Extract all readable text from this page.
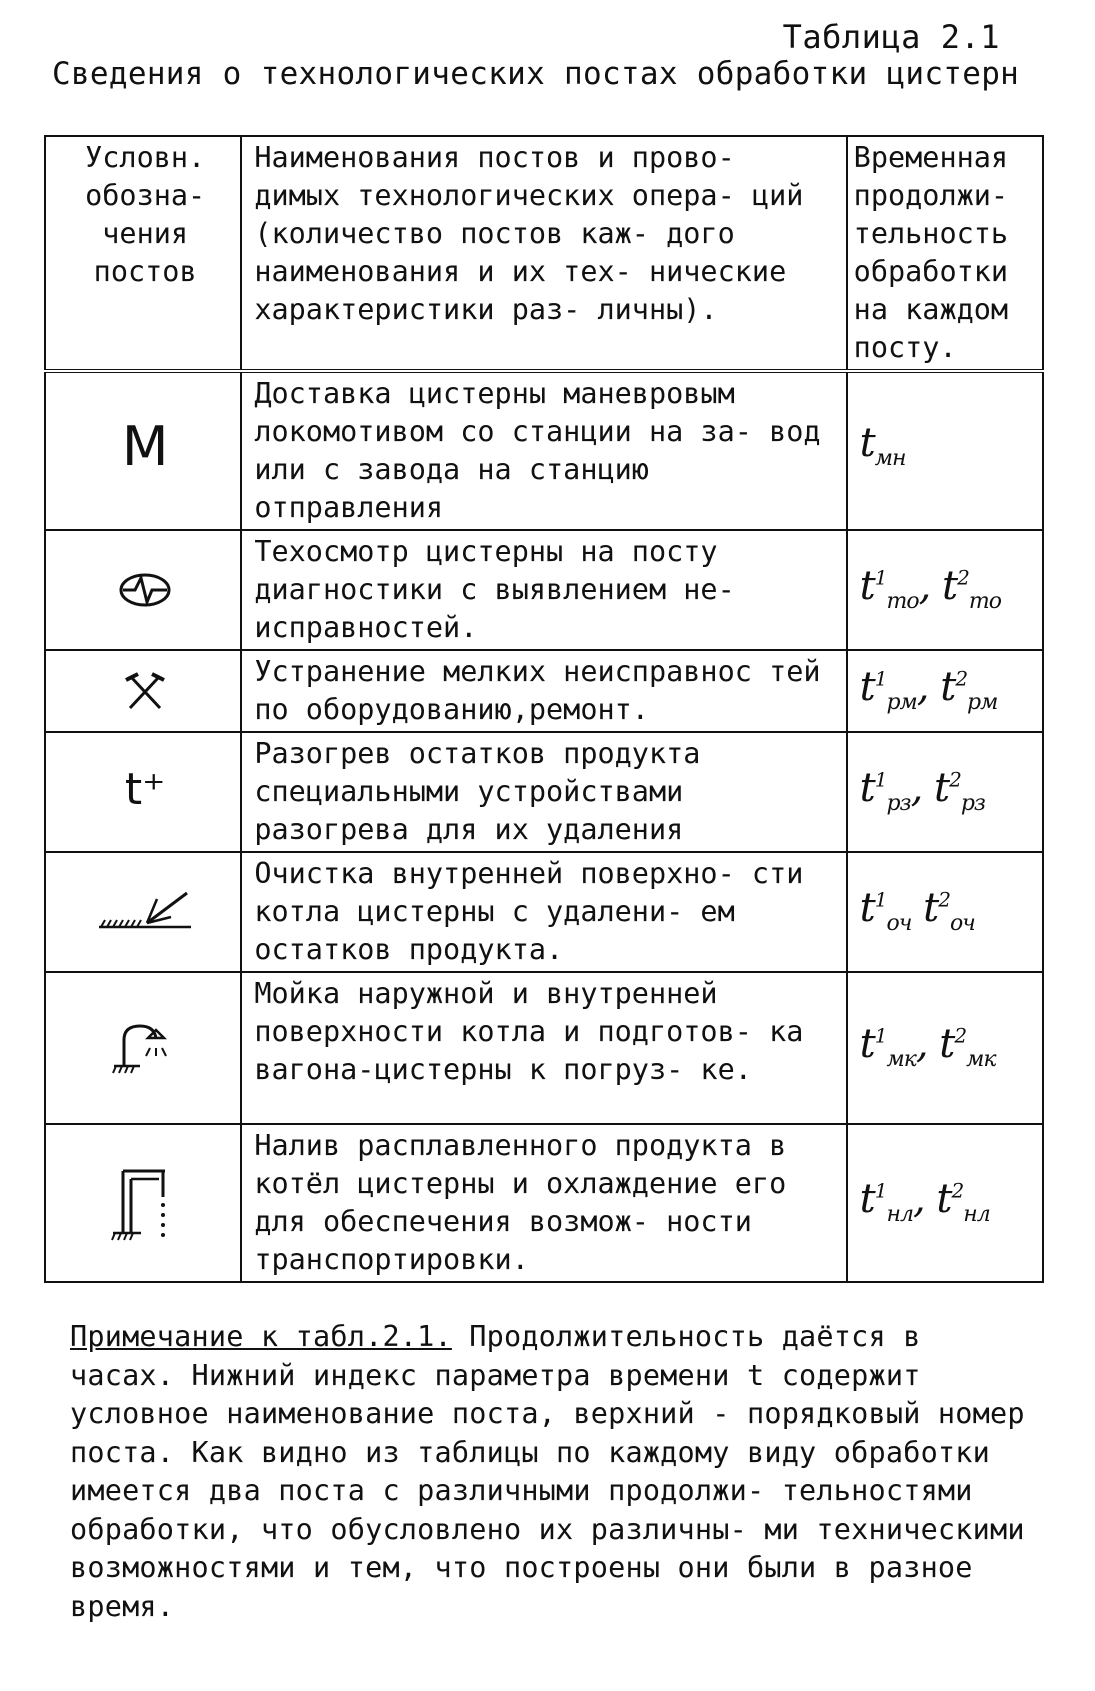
Таблица 2.1
Сведения о технологических постах обработки цистерн
Условн. обозна- чения постов	Наименования постов и прово- димых технологических опера- ций (количество постов каж- дого наименования и их тех- нические характеристики раз- личны).	Временная продолжи- тельность обработки на каждом посту.
M	Доставка цистерны маневровым локомотивом со станции на за- вод или с завода на станцию отправления	$t_{мн}$

	Техосмотр цистерны на посту диагностики с выявлением не- исправностей.	$t^1_{то}$, $t^2_{то}$

	Устранение мелких неисправнос тей по оборудованию,ремонт.	$t^1_{рм}$, $t^2_{рм}$
t⁺	Разогрев остатков продукта специальными устройствами разогрева для их удаления	$t^1_{рз}$, $t^2_{рз}$

	Очистка внутренней поверхно- сти котла цистерны с удалени- ем остатков продукта.	$t^1_{оч}$ $t^2_{оч}$

	Мойка наружной и внутренней поверхности котла и подготов- ка вагона-цистерны к погруз- ке.	$t^1_{мк}$, $t^2_{мк}$

	Налив расплавленного продукта в котёл цистерны и охлаждение его для обеспечения возмож- ности транспортировки.	$t^1_{нл}$, $t^2_{нл}$
Примечание к табл.2.1. Продолжительность даётся в часах. Нижний индекс параметра времени t содержит условное наименование поста, верхний - порядковый номер поста. Как видно из таблицы по каждому виду обработки имеется два поста с различными продолжи- тельностями обработки, что обусловлено их различны- ми техническими возможностями и тем, что построены они были в разное время.
